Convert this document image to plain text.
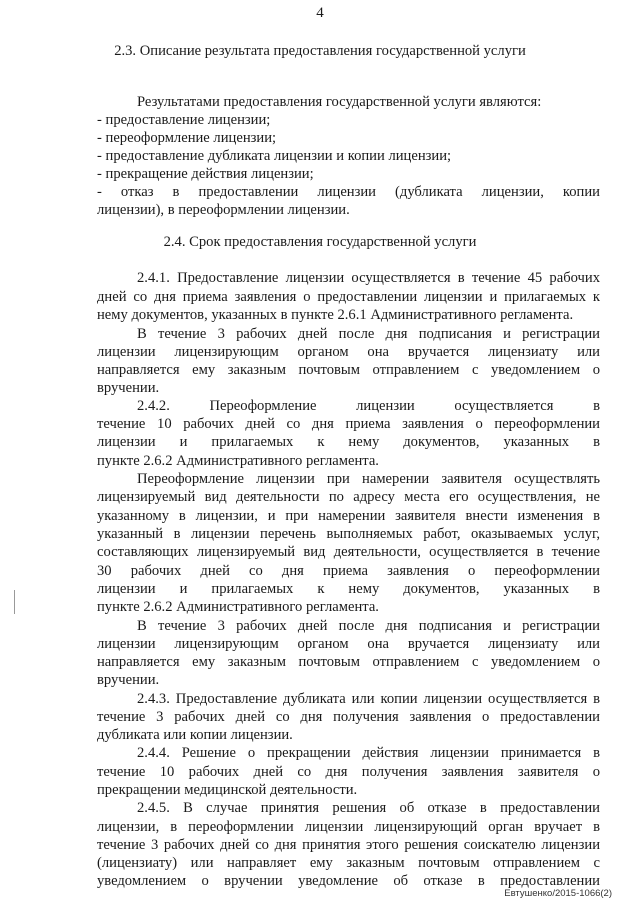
4
2.3. Описание результата предоставления государственной услуги
Результатами предоставления государственной услуги являются:
- предоставление лицензии;
- переоформление лицензии;
- предоставление дубликата лицензии и копии лицензии;
- прекращение действия лицензии;
- отказ в предоставлении лицензии (дубликата лицензии, копии
лицензии), в переоформлении лицензии.
2.4. Срок предоставления государственной услуги
2.4.1. Предоставление лицензии осуществляется в течение 45 рабочих
дней со дня приема заявления о предоставлении лицензии и прилагаемых к
нему документов, указанных в пункте 2.6.1 Административного регламента.
В течение 3 рабочих дней после дня подписания и регистрации
лицензии лицензирующим органом она вручается лицензиату или
направляется ему заказным почтовым отправлением с уведомлением о
вручении.
2.4.2. Переоформление лицензии осуществляется в
течение 10 рабочих дней со дня приема заявления о переоформлении
лицензии и прилагаемых к нему документов, указанных в
пункте 2.6.2 Административного регламента.
Переоформление лицензии при намерении заявителя осуществлять
лицензируемый вид деятельности по адресу места его осуществления, не
указанному в лицензии, и при намерении заявителя внести изменения в
указанный в лицензии перечень выполняемых работ, оказываемых услуг,
составляющих лицензируемый вид деятельности, осуществляется в течение
30 рабочих дней со дня приема заявления о переоформлении
лицензии и прилагаемых к нему документов, указанных в
пункте 2.6.2 Административного регламента.
В течение 3 рабочих дней после дня подписания и регистрации
лицензии лицензирующим органом она вручается лицензиату или
направляется ему заказным почтовым отправлением с уведомлением о
вручении.
2.4.3. Предоставление дубликата или копии лицензии осуществляется в
течение 3 рабочих дней со дня получения заявления о предоставлении
дубликата или копии лицензии.
2.4.4. Решение о прекращении действия лицензии принимается в
течение 10 рабочих дней со дня получения заявления заявителя о
прекращении медицинской деятельности.
2.4.5. В случае принятия решения об отказе в предоставлении
лицензии, в переоформлении лицензии лицензирующий орган вручает в
течение 3 рабочих дней со дня принятия этого решения соискателю лицензии
(лицензиату) или направляет ему заказным почтовым отправлением с
уведомлением о вручении уведомление об отказе в предоставлении
Евтушенко/2015-1066(2)
